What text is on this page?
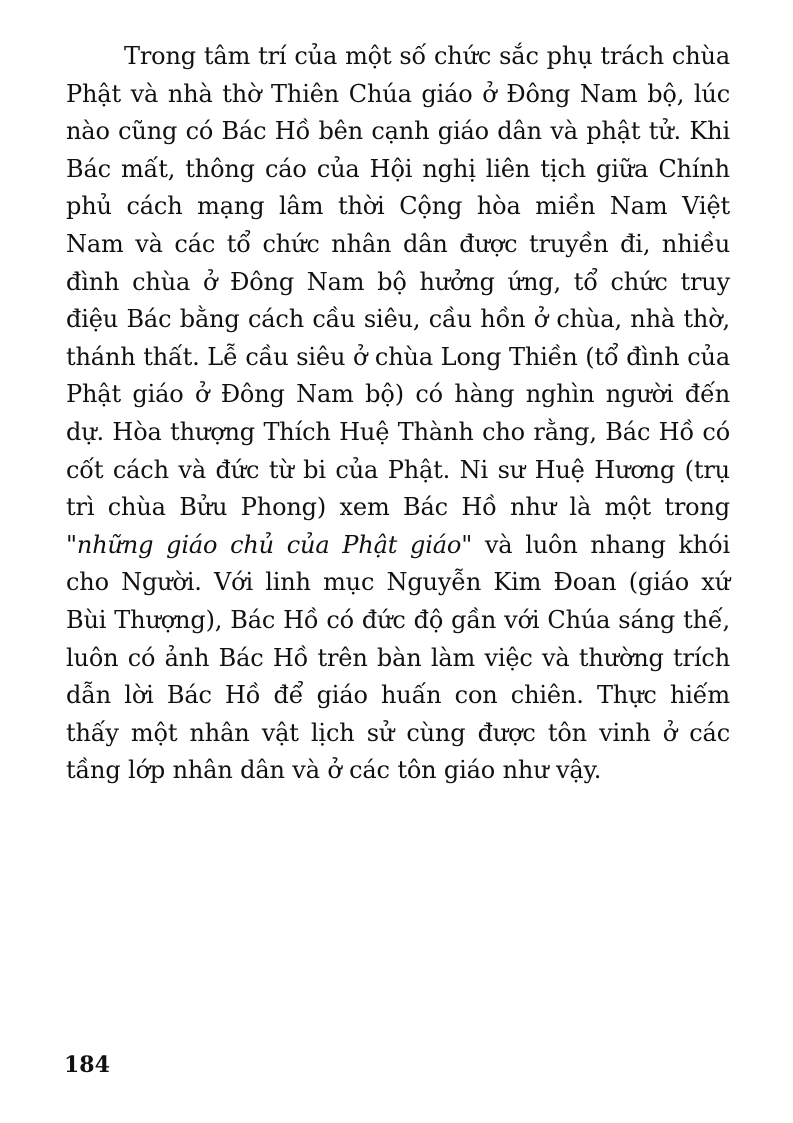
Trong tâm trí của một số chức sắc phụ trách chùa Phật và nhà thờ Thiên Chúa giáo ở Đông Nam bộ, lúc nào cũng có Bác Hồ bên cạnh giáo dân và phật tử. Khi Bác mất, thông cáo của Hội nghị liên tịch giữa Chính phủ cách mạng lâm thời Cộng hòa miền Nam Việt Nam và các tổ chức nhân dân được truyền đi, nhiều đình chùa ở Đông Nam bộ hưởng ứng, tổ chức truy điệu Bác bằng cách cầu siêu, cầu hồn ở chùa, nhà thờ, thánh thất. Lễ cầu siêu ở chùa Long Thiền (tổ đình của Phật giáo ở Đông Nam bộ) có hàng nghìn người đến dự. Hòa thượng Thích Huệ Thành cho rằng, Bác Hồ có cốt cách và đức từ bi của Phật. Ni sư Huệ Hương (trụ trì chùa Bửu Phong) xem Bác Hồ như là một trong "những giáo chủ của Phật giáo" và luôn nhang khói cho Người. Với linh mục Nguyễn Kim Đoan (giáo xứ Bùi Thượng), Bác Hồ có đức độ gần với Chúa sáng thế, luôn có ảnh Bác Hồ trên bàn làm việc và thường trích dẫn lời Bác Hồ để giáo huấn con chiên. Thực hiếm thấy một nhân vật lịch sử cùng được tôn vinh ở các tầng lớp nhân dân và ở các tôn giáo như vậy.

184
